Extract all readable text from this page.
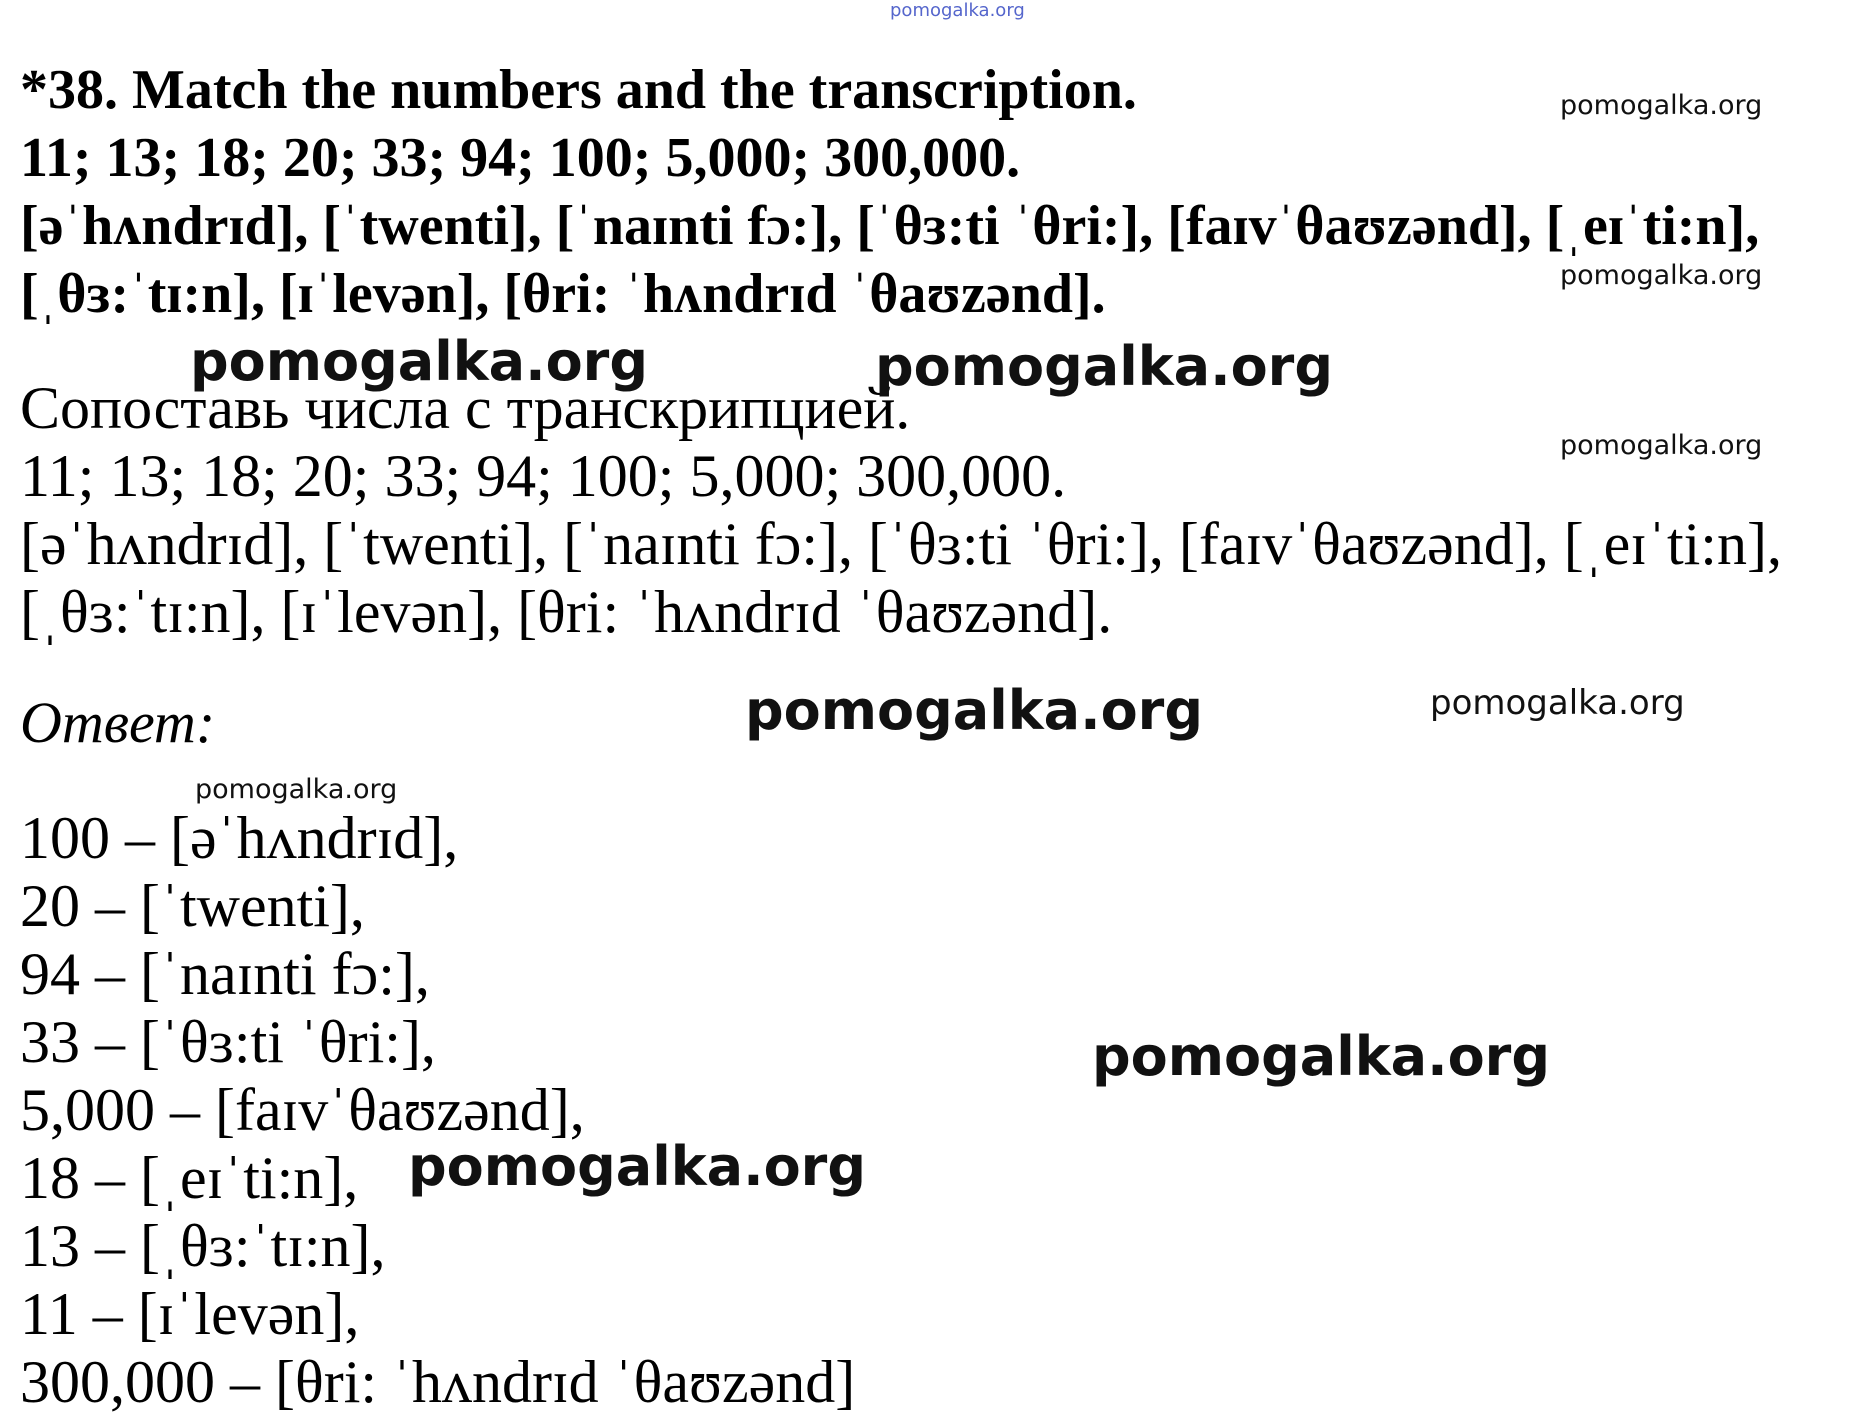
*38. Match the numbers and the transcription.
11; 13; 18; 20; 33; 94; 100; 5,000; 300,000.
[əˈhʌndrɪd], [ˈtwenti], [ˈnaɪnti fɔ:], [ˈθɜ:ti ˈθri:], [faɪvˈθaʊzənd], [ˌeɪˈti:n],
[ˌθɜ:ˈtɪ:n], [ɪˈlevən], [θri: ˈhʌndrɪd ˈθaʊzənd].
Сопоставь числа с транскрипцией.
11; 13; 18; 20; 33; 94; 100; 5,000; 300,000.
[əˈhʌndrɪd], [ˈtwenti], [ˈnaɪnti fɔ:], [ˈθɜ:ti ˈθri:], [faɪvˈθaʊzənd], [ˌeɪˈti:n],
[ˌθɜ:ˈtɪ:n], [ɪˈlevən], [θri: ˈhʌndrɪd ˈθaʊzənd].
Ответ:
100 – [əˈhʌndrɪd],
20 – [ˈtwenti],
94 – [ˈnaɪnti fɔ:],
33 – [ˈθɜ:ti ˈθri:],
5,000 – [faɪvˈθaʊzənd],
18 – [ˌeɪˈti:n],
13 – [ˌθɜ:ˈtɪ:n],
11 – [ɪˈlevən],
300,000 – [θri: ˈhʌndrɪd ˈθaʊzənd]
pomogalka.org
pomogalka.org
pomogalka.org
pomogalka.org	pomogalka.org
pomogalka.org
pomogalka.org	pomogalka.org
pomogalka.org
pomogalka.org
pomogalka.org
